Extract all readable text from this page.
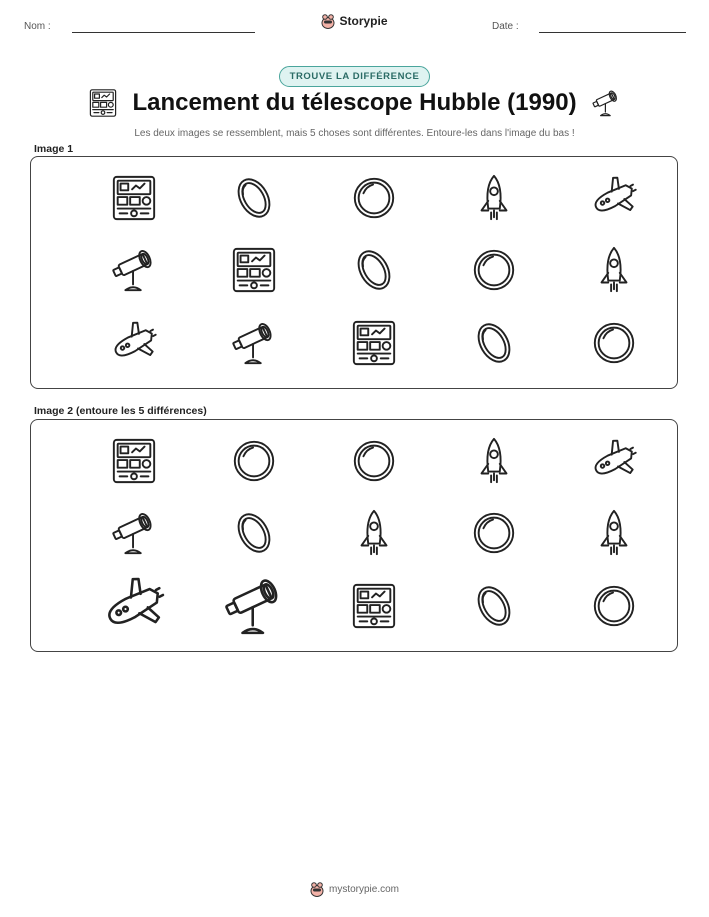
Nom :	Storypie	Date :
TROUVE LA DIFFÉRENCE
Lancement du télescope Hubble (1990)
Les deux images se ressemblent, mais 5 choses sont différentes. Entoure-les dans l'image du bas !
Image 1
Image 2 (entoure les 5 différences)
mystorypie.com
